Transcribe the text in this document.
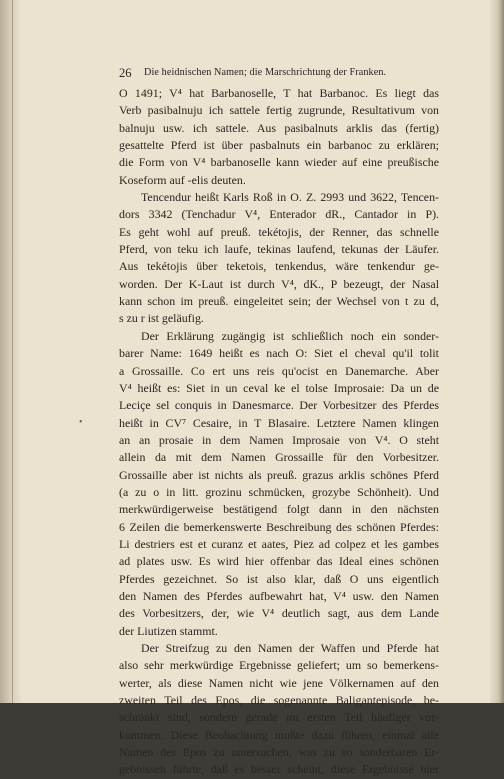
26 Die heidnischen Namen; die Marschrichtung der Franken.
•
O 1491; V⁴ hat Barbanoselle, T hat Barbanoc. Es liegt das
Verb pasibalnuju ich sattele fertig zugrunde, Resultativum von
balnuju usw. ich sattele. Aus pasibalnuts arklis das (fertig)
gesattelte Pferd ist über pasbalnuts ein barbanoc zu erklären;
die Form von V⁴ barbanoselle kann wieder auf eine preußische
Koseform auf -elis deuten.
Tencendur heißt Karls Roß in O. Z. 2993 und 3622, Tencen-
dors 3342 (Tenchadur V⁴, Enterador dR., Cantador in P).
Es geht wohl auf preuß. tekétojis, der Renner, das schnelle
Pferd, von teku ich laufe, tekinas laufend, tekunas der Läufer.
Aus tekétojis über teketois, tenkendus, wäre tenkendur ge-
worden. Der K-Laut ist durch V⁴, dK., P bezeugt, der Nasal
kann schon im preuß. eingeleitet sein; der Wechsel von t zu d,
s zu r ist geläufig.
Der Erklärung zugängig ist schließlich noch ein sonder-
barer Name: 1649 heißt es nach O: Siet el cheval qu'il tolit
a Grossaille. Co ert uns reis qu'ocist en Danemarche. Aber
V⁴ heißt es: Siet in un ceval ke el tolse Improsaie: Da un de
Leciçe sel conquis in Danesmarce. Der Vorbesitzer des Pferdes
heißt in CV⁷ Cesaire, in T Blasaire. Letztere Namen klingen
an an prosaie in dem Namen Improsaie von V⁴. O steht
allein da mit dem Namen Grossaille für den Vorbesitzer.
Grossaille aber ist nichts als preuß. grazus arklis schönes Pferd
(a zu o in litt. grozinu schmücken, grozybe Schönheit). Und
merkwürdigerweise bestätigend folgt dann in den nächsten
6 Zeilen die bemerkenswerte Beschreibung des schönen Pferdes:
Li destriers est et curanz et aates, Piez ad colpez et les gambes
ad plates usw. Es wird hier offenbar das Ideal eines schönen
Pferdes gezeichnet. So ist also klar, daß O uns eigentlich
den Namen des Pferdes aufbewahrt hat, V⁴ usw. den Namen
des Vorbesitzers, der, wie V⁴ deutlich sagt, aus dem Lande
der Liutizen stammt.
Der Streifzug zu den Namen der Waffen und Pferde hat
also sehr merkwürdige Ergebnisse geliefert; um so bemerkens-
werter, als diese Namen nicht wie jene Völkernamen auf den
zweiten Teil des Epos, die sogenannte Baligantepisode, be-
schränkt sind, sondern gerade im ersten Teil häufiger vor-
kommen. Diese Beobachtung mußte dazu führen, einmal alle
Namen des Epos zu untersuchen, was zu so sonderbaren Er-
gebnissen führte, daß es besser scheint, diese Ergebnisse hier
